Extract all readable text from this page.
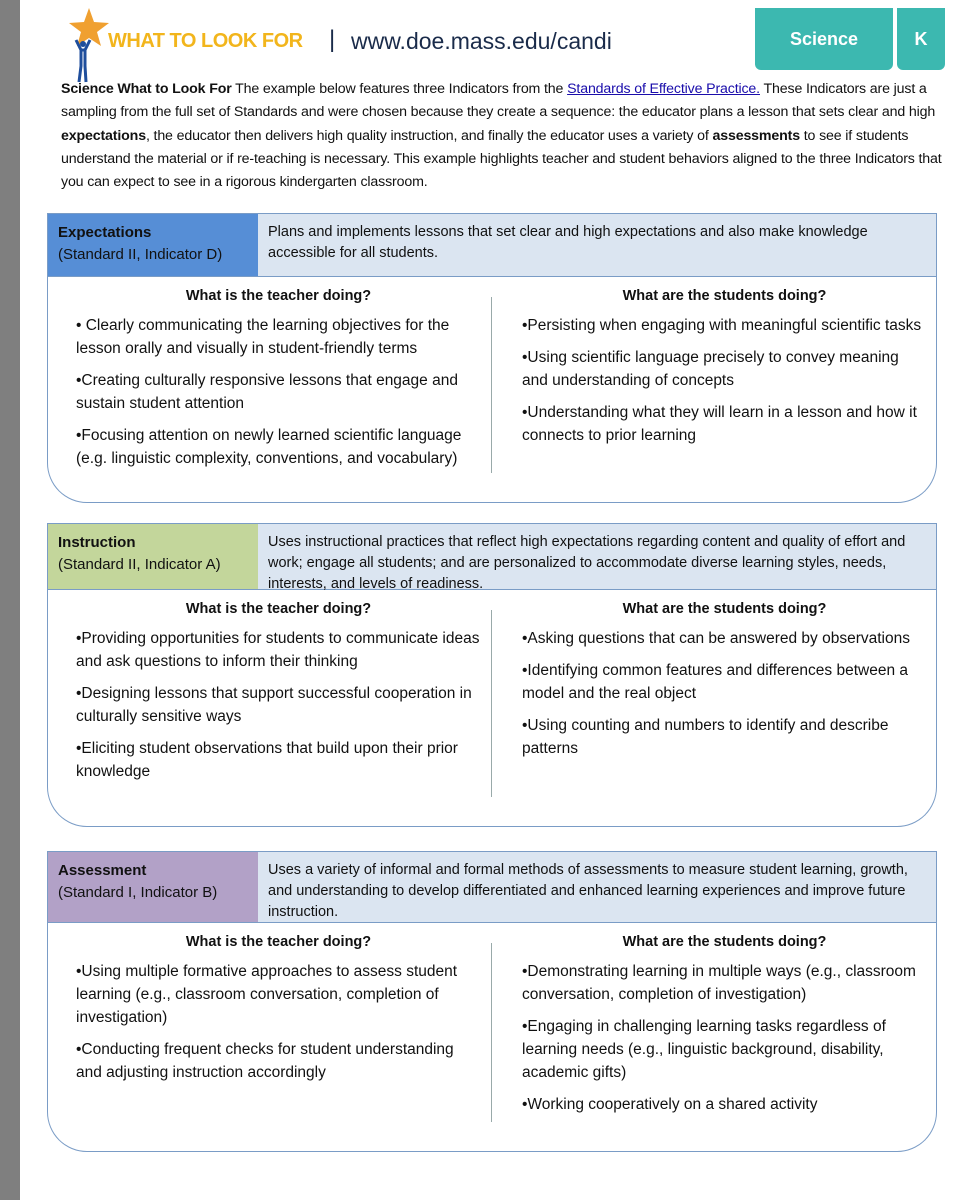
WHAT TO LOOK FOR | www.doe.mass.edu/candi	Science	K
Science What to Look For The example below features three Indicators from the Standards of Effective Practice. These Indicators are just a sampling from the full set of Standards and were chosen because they create a sequence: the educator plans a lesson that sets clear and high expectations, the educator then delivers high quality instruction, and finally the educator uses a variety of assessments to see if students understand the material or if re-teaching is necessary. This example highlights teacher and student behaviors aligned to the three Indicators that you can expect to see in a rigorous kindergarten classroom.
Expectations
(Standard II, Indicator D)
Plans and implements lessons that set clear and high expectations and also make knowledge accessible for all students.
What is the teacher doing?

• Clearly communicating the learning objectives for the lesson orally and visually in student-friendly terms

•Creating culturally responsive lessons that engage and sustain student attention

•Focusing attention on newly learned scientific language (e.g. linguistic complexity, conventions, and vocabulary)

What are the students doing?

•Persisting when engaging with meaningful scientific tasks

•Using scientific language precisely to convey meaning and understanding of concepts

•Understanding what they will learn in a lesson and how it connects to prior learning

Instruction
(Standard II, Indicator A)
Uses instructional practices that reflect high expectations regarding content and quality of effort and work; engage all students; and are personalized to accommodate diverse learning styles, needs, interests, and levels of readiness.
What is the teacher doing?

•Providing opportunities for students to communicate ideas and ask questions to inform their thinking

•Designing lessons that support successful cooperation in culturally sensitive ways

•Eliciting student observations that build upon their prior knowledge

What are the students doing?

•Asking questions that can be answered by observations

•Identifying common features and differences between a model and the real object

•Using counting and numbers to identify and describe patterns

Assessment
(Standard I, Indicator B)
Uses a variety of informal and formal methods of assessments to measure student learning, growth, and understanding to develop differentiated and enhanced learning experiences and improve future instruction.
What is the teacher doing?

•Using multiple formative approaches to assess student learning (e.g., classroom conversation, completion of investigation)

•Conducting frequent checks for student understanding and adjusting instruction accordingly

What are the students doing?

•Demonstrating learning in multiple ways (e.g., classroom conversation, completion of investigation)

•Engaging in challenging learning tasks regardless of learning needs (e.g., linguistic background, disability, academic gifts)

•Working cooperatively on a shared activity
